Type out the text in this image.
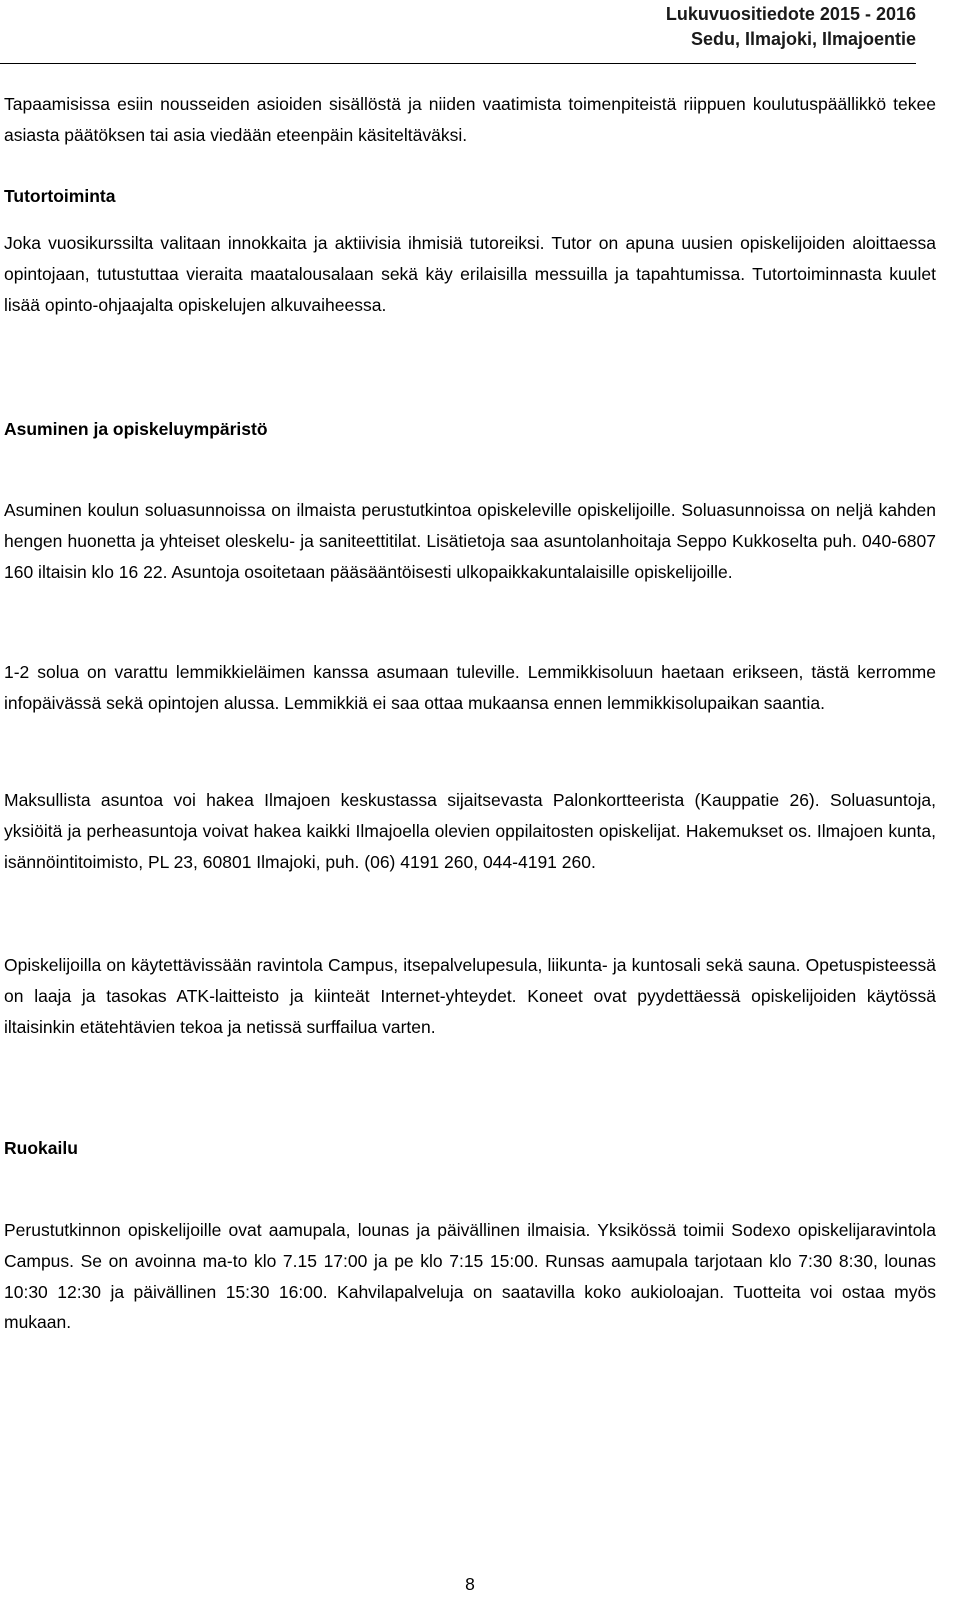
Lukuvuositiedote 2015 - 2016
Sedu, Ilmajoki, Ilmajoentie

Tapaamisissa esiin nousseiden asioiden sisällöstä ja niiden vaatimista toimenpiteistä riippuen koulutuspäällikkö tekee asiasta päätöksen tai asia viedään eteenpäin käsiteltäväksi.

Tutortoiminta

Joka vuosikurssilta valitaan innokkaita ja aktiivisia ihmisiä tutoreiksi. Tutor on apuna uusien opiskelijoiden aloittaessa opintojaan, tutustuttaa vieraita maatalousalaan sekä käy erilaisilla messuilla ja tapahtumissa. Tutortoiminnasta kuulet lisää opinto-ohjaajalta opiskelujen alkuvaiheessa.

Asuminen ja opiskeluympäristö

Asuminen koulun soluasunnoissa on ilmaista perustutkintoa opiskeleville opiskelijoille. Soluasunnoissa on neljä kahden hengen huonetta ja yhteiset oleskelu- ja saniteettitilat. Lisätietoja saa asuntolanhoitaja Seppo Kukkoselta puh. 040-6807 160 iltaisin klo 16 22. Asuntoja osoitetaan pääsääntöisesti ulkopaikkakuntalaisille opiskelijoille.

1-2 solua on varattu lemmikkieläimen kanssa asumaan tuleville. Lemmikkisoluun haetaan erikseen, tästä kerromme infopäivässä sekä opintojen alussa. Lemmikkiä ei saa ottaa mukaansa ennen lemmikkisolupaikan saantia.

Maksullista asuntoa voi hakea Ilmajoen keskustassa sijaitsevasta Palonkortteerista (Kauppatie 26). Soluasuntoja, yksiöitä ja perheasuntoja voivat hakea kaikki Ilmajoella olevien oppilaitosten opiskelijat. Hakemukset os. Ilmajoen kunta, isännöintitoimisto, PL 23, 60801 Ilmajoki, puh. (06) 4191 260, 044-4191 260.

Opiskelijoilla on käytettävissään ravintola Campus, itsepalvelupesula, liikunta- ja kuntosali sekä sauna. Opetuspisteessä on laaja ja tasokas ATK-laitteisto ja kiinteät Internet-yhteydet. Koneet ovat pyydettäessä opiskelijoiden käytössä iltaisinkin etätehtävien tekoa ja netissä surffailua varten.

Ruokailu

Perustutkinnon opiskelijoille ovat aamupala, lounas ja päivällinen ilmaisia. Yksikössä toimii Sodexo opiskelijaravintola Campus. Se on avoinna ma-to klo 7.15 17:00 ja pe klo 7:15 15:00. Runsas aamupala tarjotaan klo 7:30 8:30, lounas 10:30 12:30 ja päivällinen 15:30 16:00. Kahvilapalveluja on saatavilla koko aukioloajan. Tuotteita voi ostaa myös mukaan.

8
